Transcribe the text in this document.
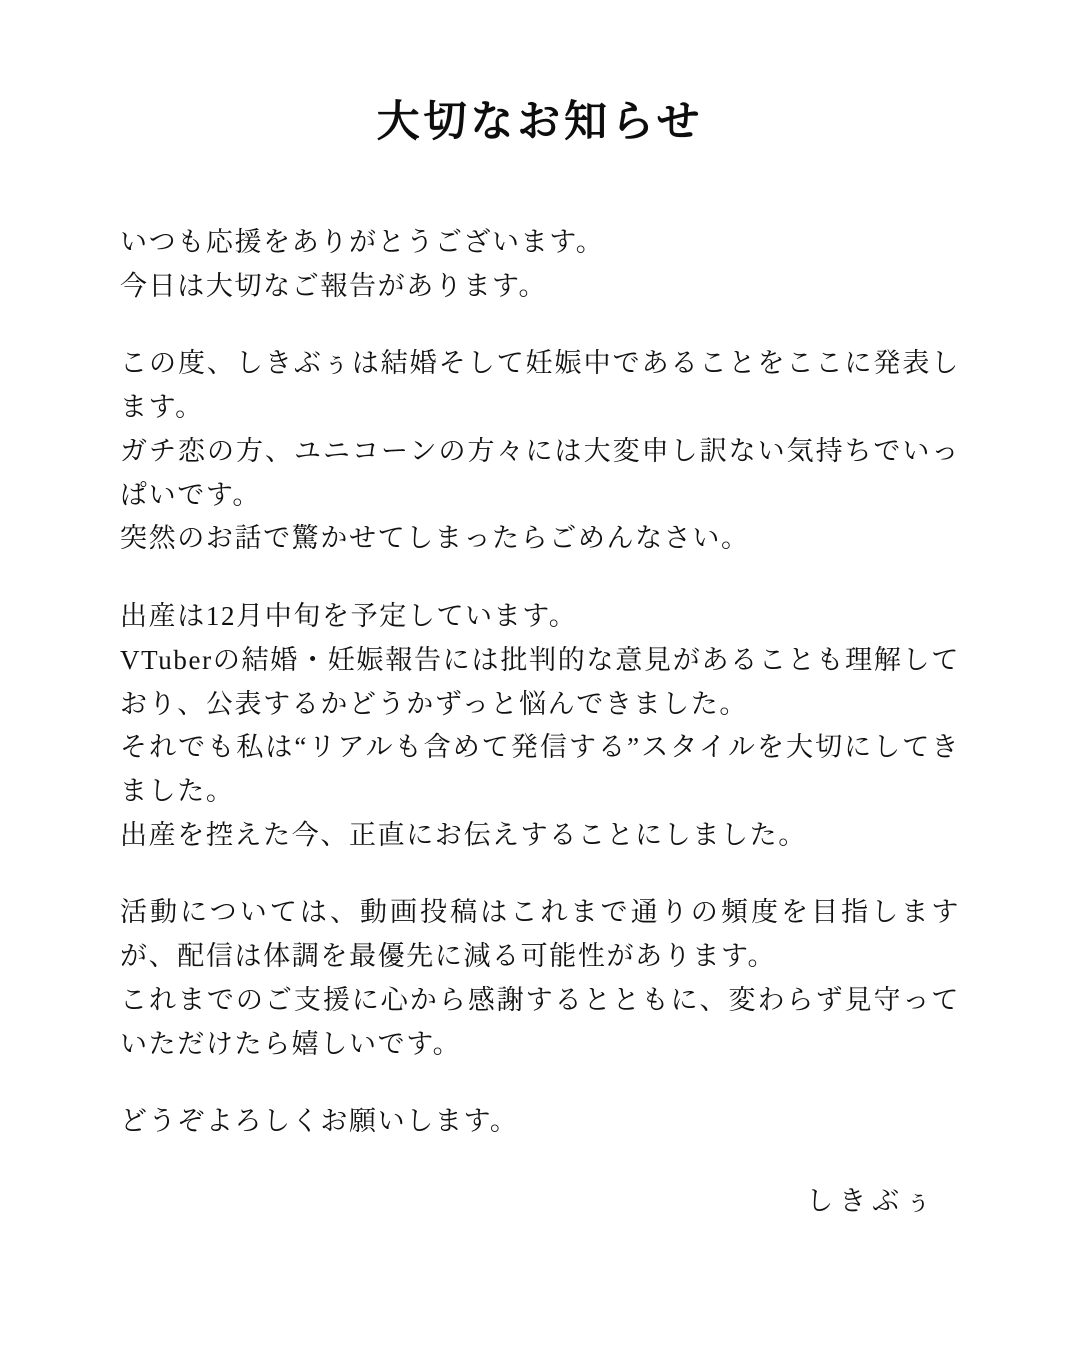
大切なお知らせ

いつも応援をありがとうございます。

今日は大切なご報告があります。

この度、しきぶぅは結婚そして妊娠中であることをここに発表します。

ガチ恋の方、ユニコーンの方々には大変申し訳ない気持ちでいっぱいです。

突然のお話で驚かせてしまったらごめんなさい。

出産は12月中旬を予定しています。

VTuberの結婚・妊娠報告には批判的な意見があることも理解しており、公表するかどうかずっと悩んできました。

それでも私は“リアルも含めて発信する”スタイルを大切にしてきました。

出産を控えた今、正直にお伝えすることにしました。

活動については、動画投稿はこれまで通りの頻度を目指しますが、配信は体調を最優先に減る可能性があります。

これまでのご支援に心から感謝するとともに、変わらず見守っていただけたら嬉しいです。

どうぞよろしくお願いします。

しきぶぅ
